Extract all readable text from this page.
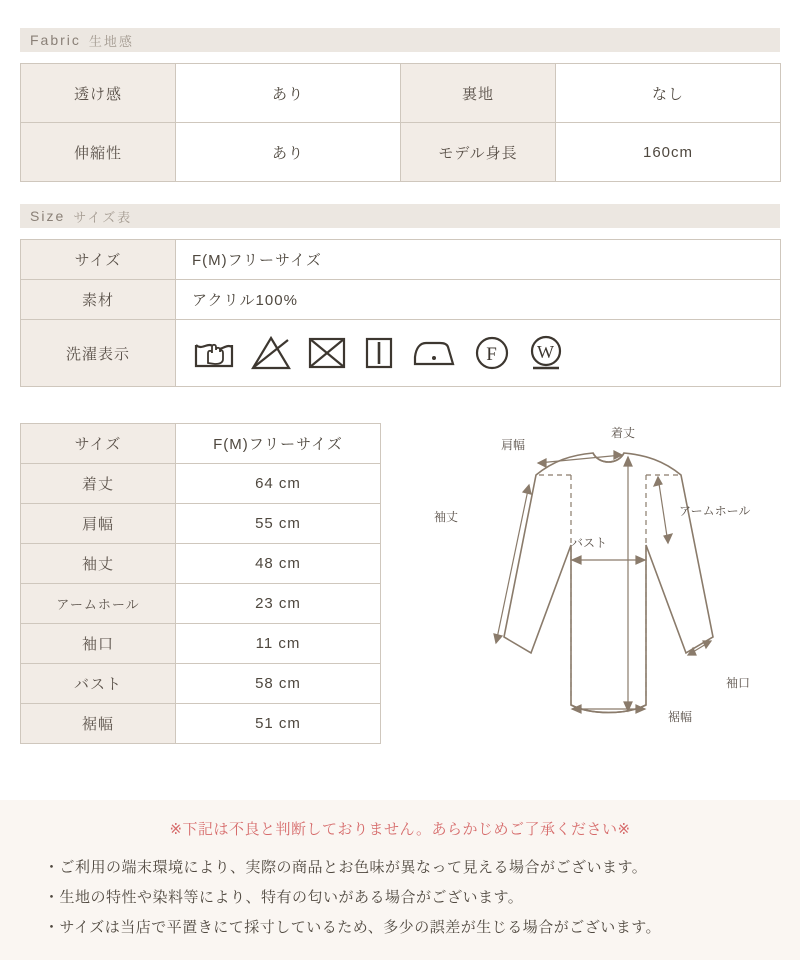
Fabric 生地感
透け感	あり	裏地	なし
伸縮性	あり	モデル身長	160cm
Size サイズ表
サイズ	F(M)フリーサイズ
素材	アクリル100%
洗濯表示	F W
サイズ	F(M)フリーサイズ
着丈	64 cm
肩幅	55 cm
袖丈	48 cm
アームホール	23 cm
袖口	11 cm
バスト	58 cm
裾幅	51 cm
肩幅
着丈
袖丈	アームホール
バスト
袖口
裾幅
※下記は不良と判断しておりません。あらかじめご了承ください※
・ご利用の端末環境により、実際の商品とお色味が異なって見える場合がございます。
・生地の特性や染料等により、特有の匂いがある場合がございます。
・サイズは当店で平置きにて採寸しているため、多少の誤差が生じる場合がございます。
